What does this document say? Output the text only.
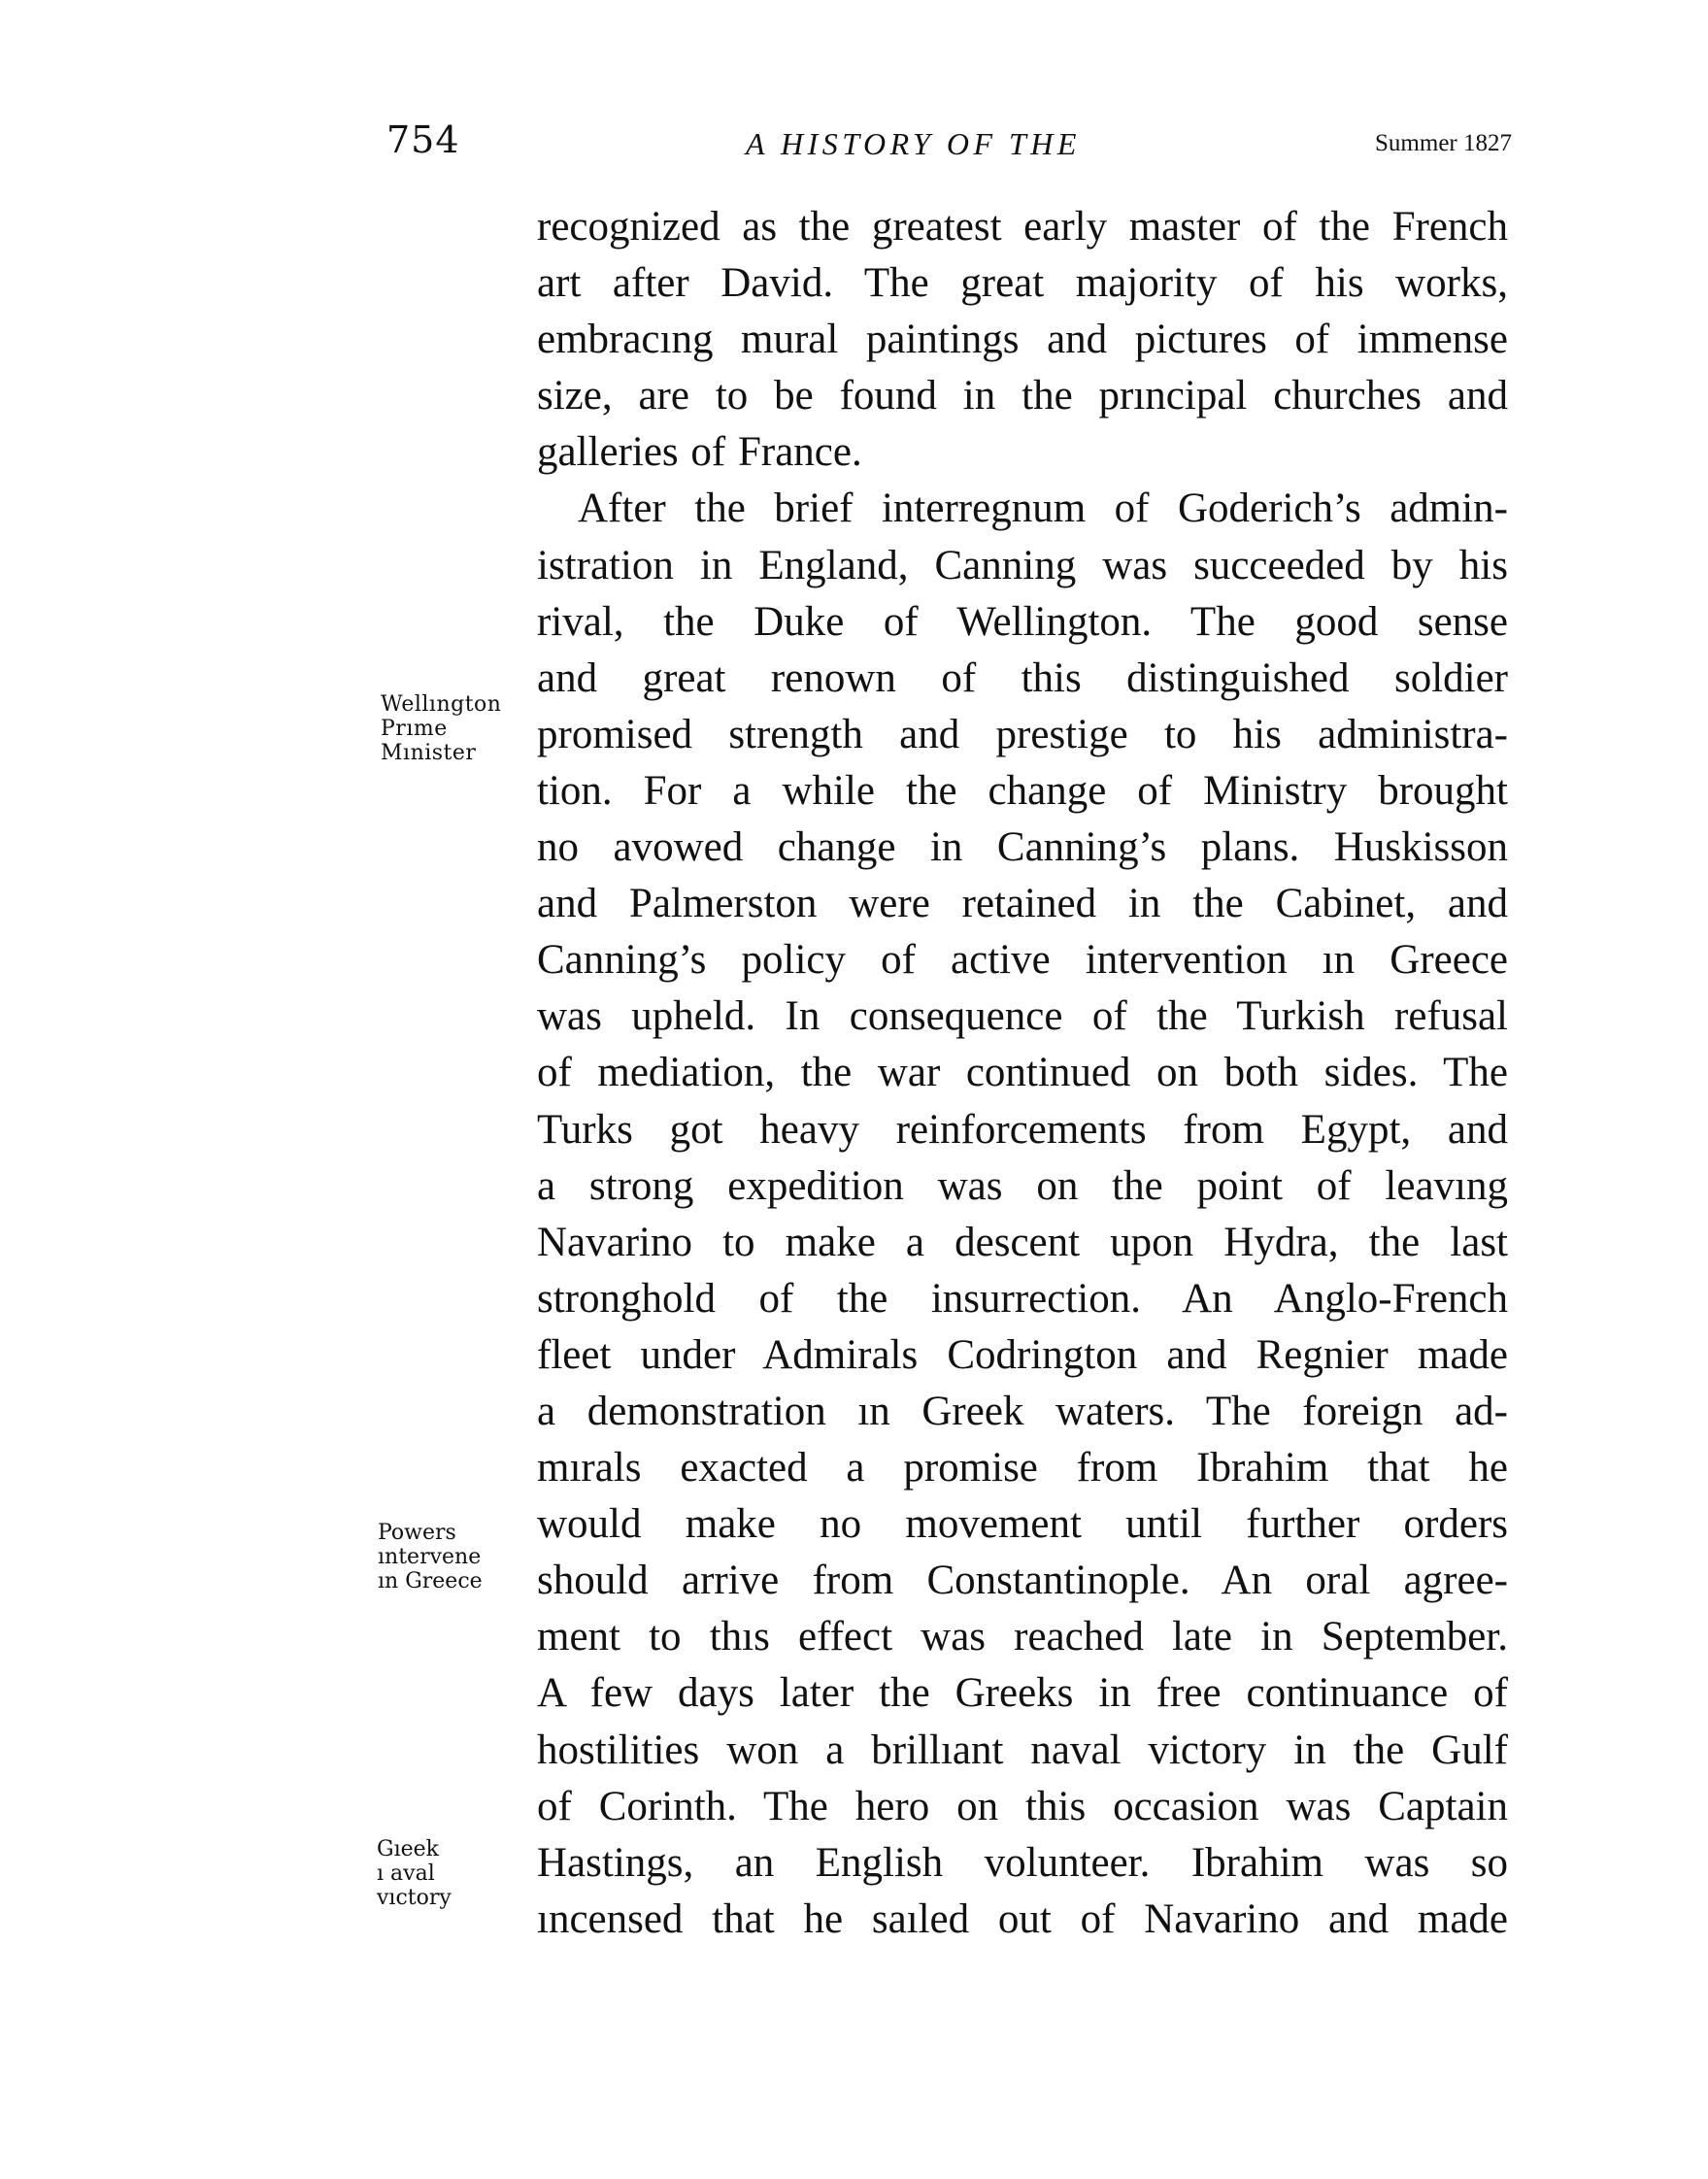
754	A HISTORY OF THE	Summer 1827
recognized as the greatest early master of the French
art after David. The great majority of his works,
embracıng mural paintings and pictures of immense
size, are to be found in the prıncipal churches and
galleries of France.
After the brief interregnum of Goderich’s admin-
istration in England, Canning was succeeded by his
rival, the Duke of Wellington. The good sense
and great renown of this distinguished soldier
promised strength and prestige to his administra-
tion. For a while the change of Ministry brought
no avowed change in Canning’s plans. Huskisson
and Palmerston were retained in the Cabinet, and
Canning’s policy of active intervention ın Greece
was upheld. In consequence of the Turkish refusal
of mediation, the war continued on both sides. The
Turks got heavy reinforcements from Egypt, and
a strong expedition was on the point of leavıng
Navarino to make a descent upon Hydra, the last
stronghold of the insurrection. An Anglo-French
fleet under Admirals Codrington and Regnier made
a demonstration ın Greek waters. The foreign ad-
mırals exacted a promise from Ibrahim that he
would make no movement until further orders
should arrive from Constantinople. An oral agree-
ment to thıs effect was reached late in September.
A few days later the Greeks in free continuance of
hostilities won a brillıant naval victory in the Gulf
of Corinth. The hero on this occasion was Captain
Hastings, an English volunteer. Ibrahim was so
ıncensed that he saıled out of Navarino and made
Wellıngton
Prıme
Mınister
Powers
ıntervene
ın Greece
Gıeek
ı aval
vıctory
